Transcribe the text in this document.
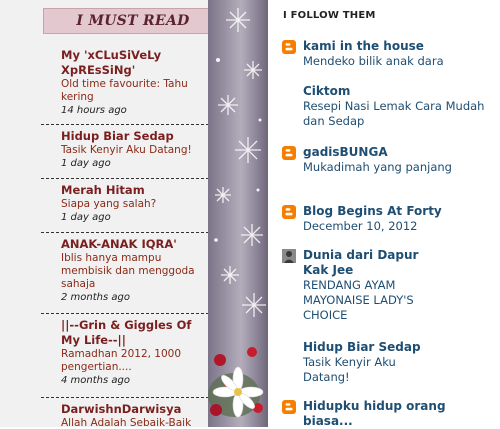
I MUST READ
My 'xCLuSiVeLy XpREsSiNg'
Old time favourite: Tahu kering
14 hours ago
Hidup Biar Sedap
Tasik Kenyir Aku Datang!
1 day ago
Merah Hitam
Siapa yang salah?
1 day ago
ANAK-ANAK IQRA'
Iblis hanya mampu membisik dan menggoda sahaja
2 months ago
||--Grin & Giggles Of My Life--||
Ramadhan 2012, 1000 pengertian....
4 months ago
DarwishnDarwisya
Allah Adalah Sebaik-Baik
I FOLLOW THEM
kami in the house
Mendeko bilik anak dara
Ciktom
Resepi Nasi Lemak Cara Mudah dan Sedap
gadisBUNGA
Mukadimah yang panjang
Blog Begins At Forty
December 10, 2012
Dunia dari Dapur Kak Jee
RENDANG AYAM MAYONAISE LADY'S CHOICE
Hidup Biar Sedap
Tasik Kenyir Aku Datang!
Hidupku hidup orang biasa...
